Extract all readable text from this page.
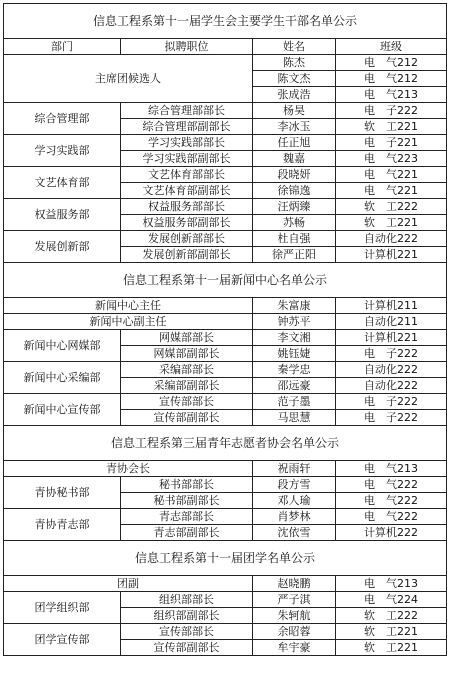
信息工程系第十一届学生会主要学生干部名单公示			
部门	拟聘职位	姓名	班级
主席团候选人		陈杰	电　气212
		陈文杰	电　气212
		张成浩	电　气213
综合管理部	综合管理部部长	杨昊	电　子222
	综合管理部副部长	李冰玉	软　工221
学习实践部	学习实践部部长	任正旭	电　子221
	学习实践部副部长	魏嘉	电　气223
文艺体育部	文艺体育部部长	段晓妍	电　气221
	文艺体育部副部长	徐锦逸	电　气221
权益服务部	权益服务部部长	汪炳臻	软　工222
	权益服务部副部长	苏畅	软　工221
发展创新部	发展创新部部长	杜自强	自动化222
	发展创新部副部长	徐严正阳	计算机221
信息工程系第十一届新闻中心名单公示			
新闻中心主任		朱富康	计算机211
新闻中心副主任		钟苏平	自动化211
新闻中心网媒部	网媒部部长	李文湘	计算机221
	网媒部副部长	姚钰婕	电　子222
新闻中心采编部	采编部部长	秦学忠	自动化222
	采编部副部长	邵远豪	自动化222
新闻中心宣传部	宣传部部长	范子墨	电　子222
	宣传部副部长	马思慧	电　子222
信息工程系第三届青年志愿者协会名单公示			
青协会长		祝雨轩	电　气213
青协秘书部	秘书部部长	段方雪	电　气222
	秘书部副部长	邓人瑜	电　气222
青协青志部	青志部部长	肖梦林	电　气222
	青志部副部长	沈依雪	计算机222
信息工程系第十一届团学名单公示			
团副		赵晓鹏	电　气213
团学组织部	组织部部长	严子淇	电　气224
	组织部副部长	朱轲航	软　工222
团学宣传部	宣传部部长	余昭蓉	软　工221
	宣传部副部长	牟宇豪	软　工221
